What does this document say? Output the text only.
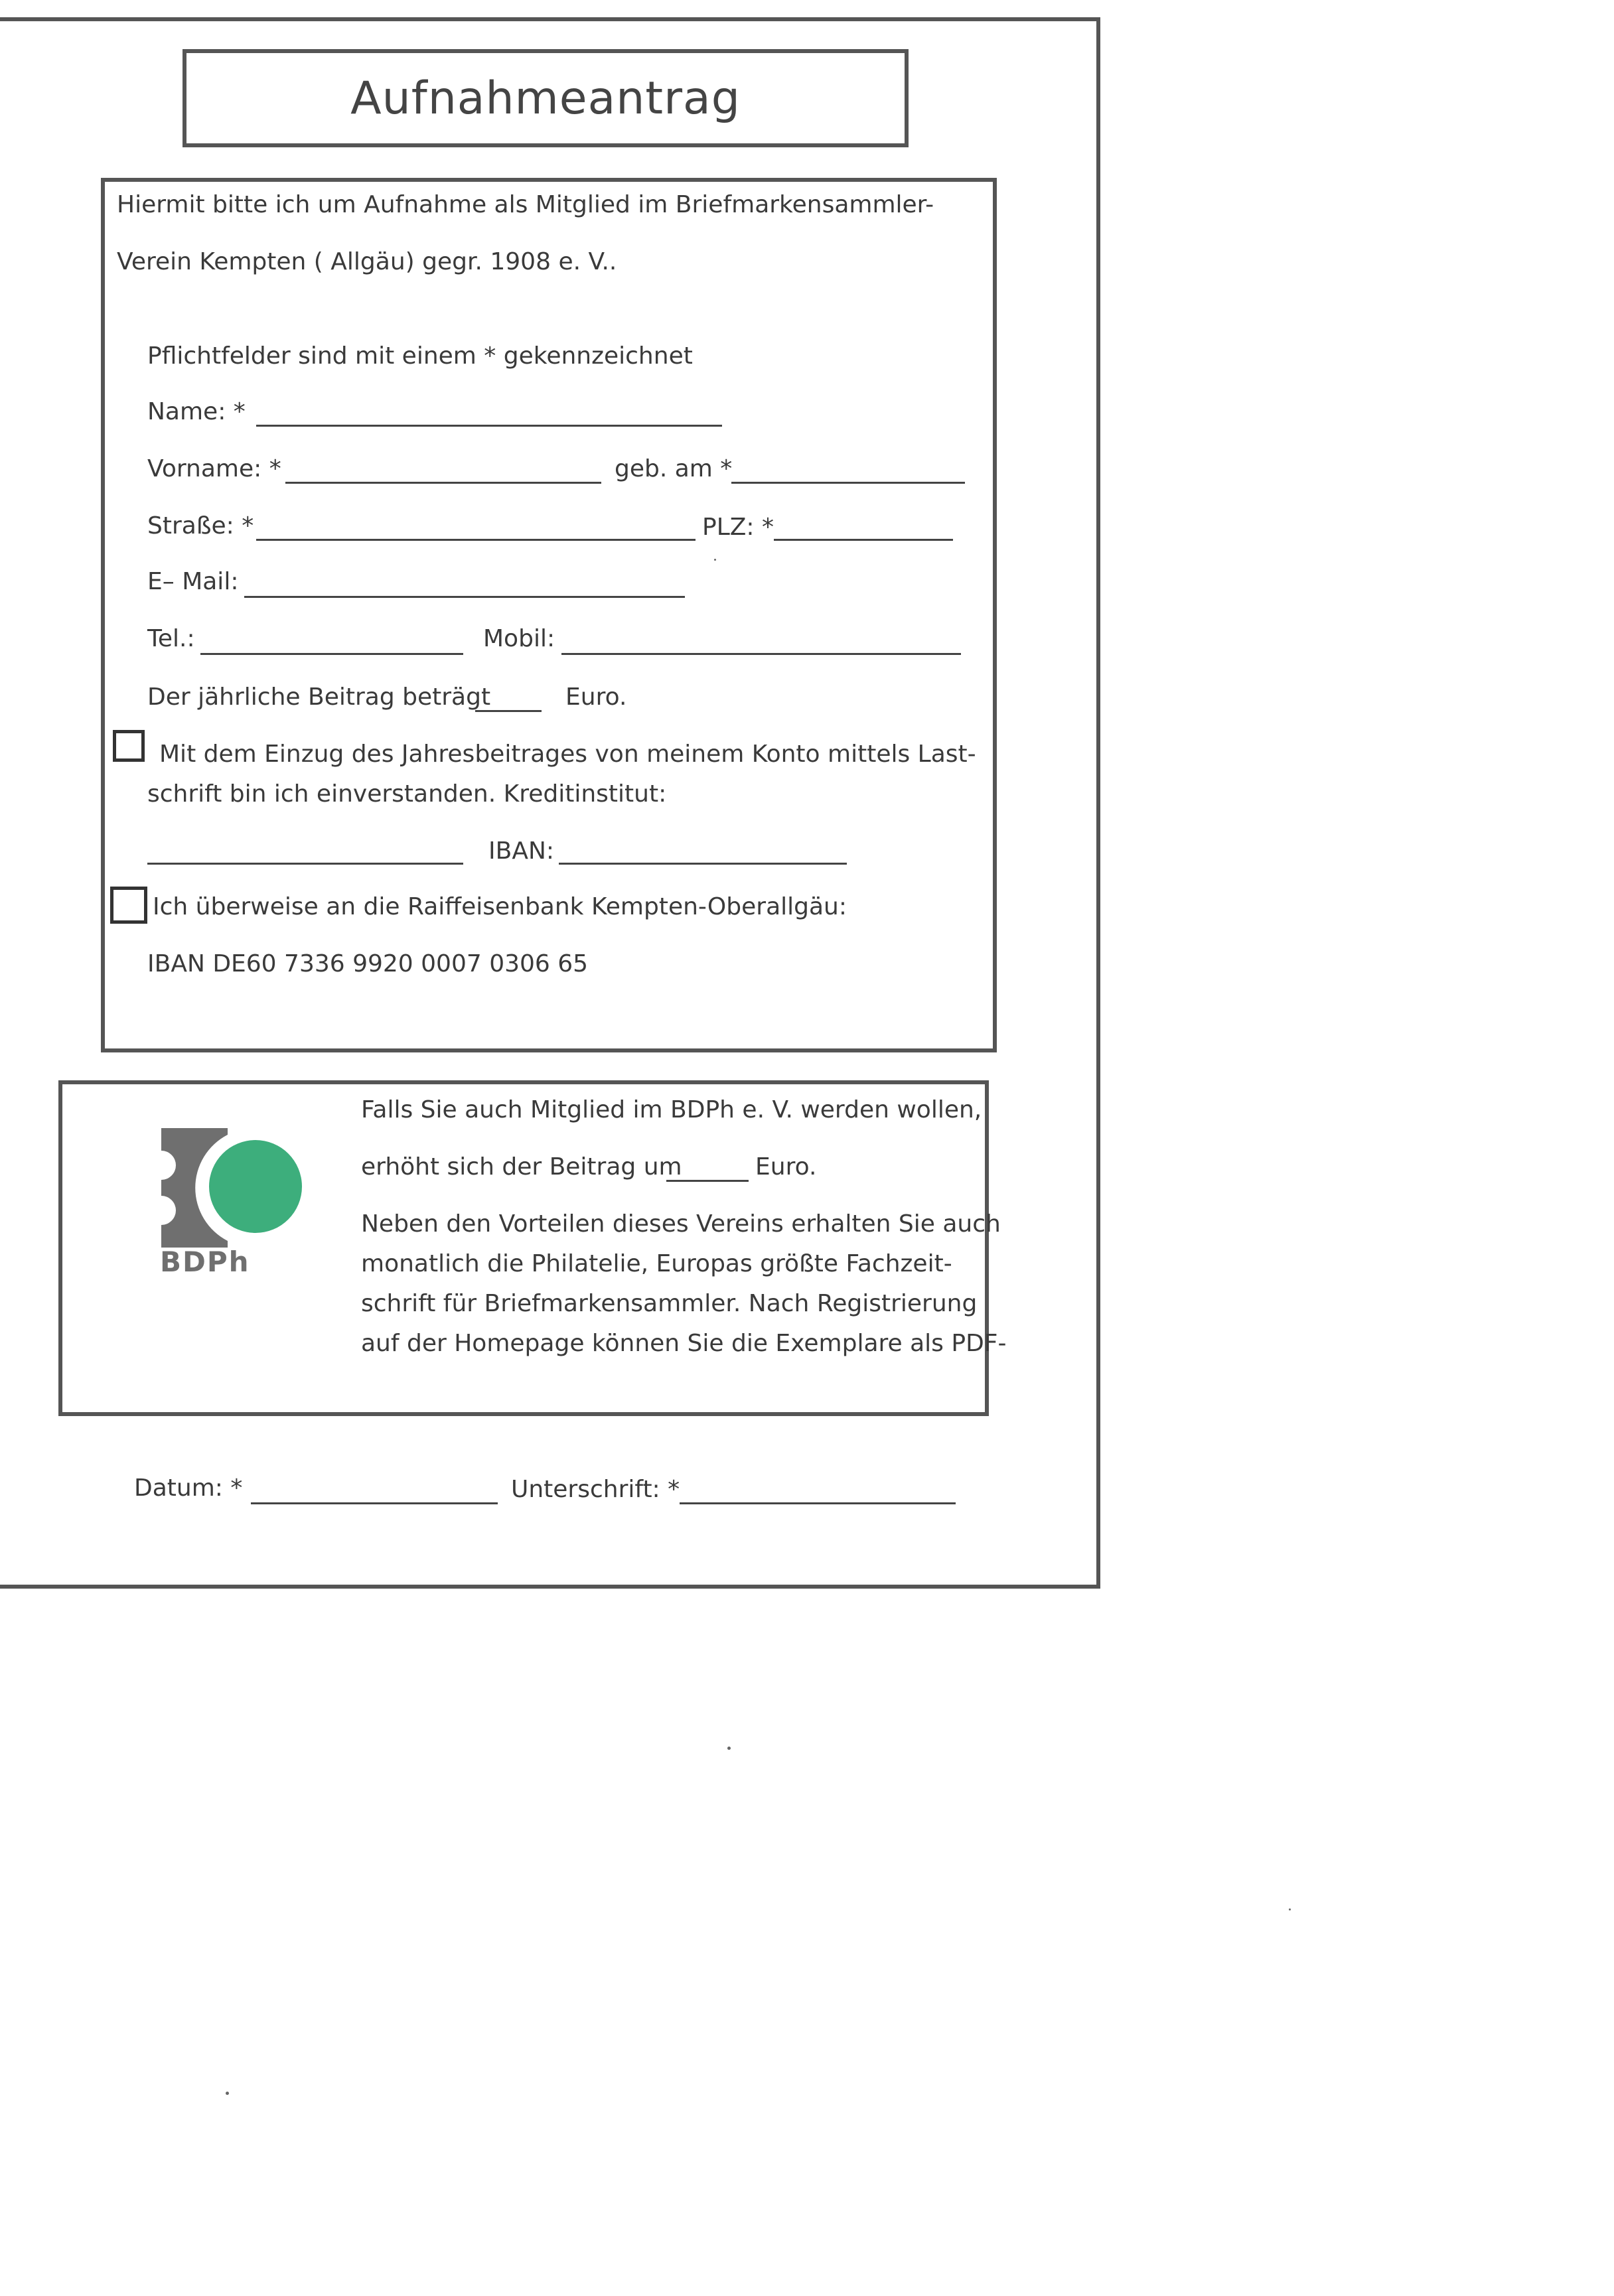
Aufnahmeantrag
Hiermit bitte ich um Aufnahme als Mitglied im Briefmarkensammler-
Verein Kempten ( Allgäu) gegr. 1908 e. V..
Pflichtfelder sind mit einem * gekennzeichnet
Name: *
Vorname: *	geb. am *
Straße: *	PLZ: *
E– Mail:
Tel.:	Mobil:
Der jährliche Beitrag beträgt	Euro.
Mit dem Einzug des Jahresbeitrages von meinem Konto mittels Last-
schrift bin ich einverstanden. Kreditinstitut:
IBAN:
Ich überweise an die Raiffeisenbank Kempten-Oberallgäu:
IBAN DE60 7336 9920 0007 0306 65
BDPh
Falls Sie auch Mitglied im BDPh e. V. werden wollen,
erhöht sich der Beitrag um	Euro.
Neben den Vorteilen dieses Vereins erhalten Sie auch
monatlich die Philatelie, Europas größte Fachzeit-
schrift für Briefmarkensammler. Nach Registrierung
auf der Homepage können Sie die Exemplare als PDF-
Datum: *	Unterschrift: *
